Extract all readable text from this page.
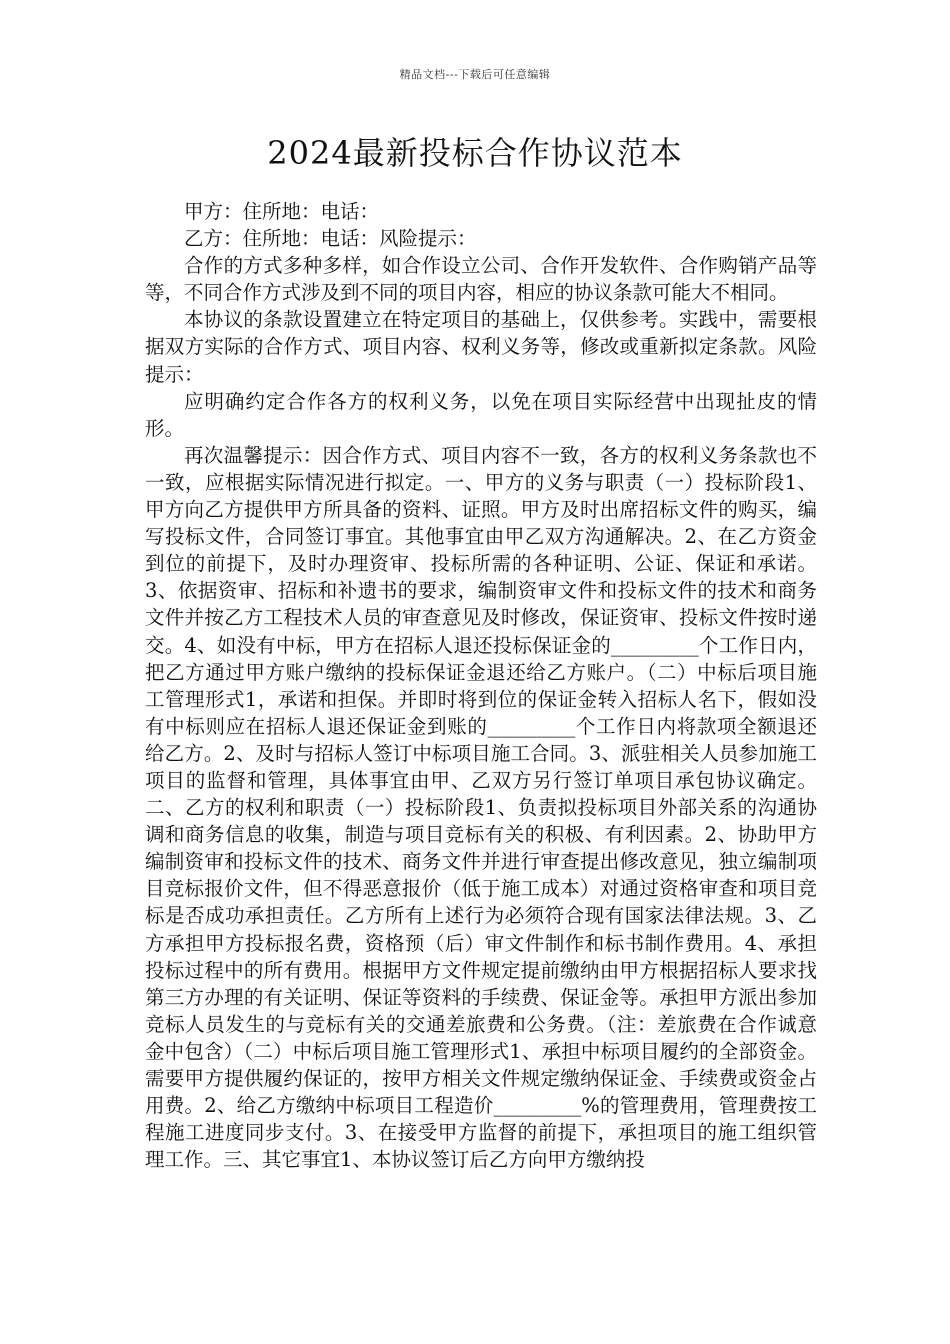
精品文档---下载后可任意编辑
2024最新投标合作协议范本

甲方：住所地：电话：

乙方：住所地：电话：风险提示：

合作的方式多种多样，如合作设立公司、合作开发软件、合作购销产品等等，不同合作方式涉及到不同的项目内容，相应的协议条款可能大不相同。

本协议的条款设置建立在特定项目的基础上，仅供参考。实践中，需要根据双方实际的合作方式、项目内容、权利义务等，修改或重新拟定条款。风险提示：

应明确约定合作各方的权利义务，以免在项目实际经营中出现扯皮的情形。

再次温馨提示：因合作方式、项目内容不一致，各方的权利义务条款也不一致，应根据实际情况进行拟定。一、甲方的义务与职责（一）投标阶段1、甲方向乙方提供甲方所具备的资料、证照。甲方及时出席招标文件的购买，编写投标文件，合同签订事宜。其他事宜由甲乙双方沟通解决。2、在乙方资金到位的前提下，及时办理资审、投标所需的各种证明、公证、保证和承诺。3、依据资审、招标和补遗书的要求，编制资审文件和投标文件的技术和商务文件并按乙方工程技术人员的审查意见及时修改，保证资审、投标文件按时递交。4、如没有中标，甲方在招标人退还投标保证金的_________个工作日内，把乙方通过甲方账户缴纳的投标保证金退还给乙方账户。（二）中标后项目施工管理形式1，承诺和担保。并即时将到位的保证金转入招标人名下，假如没有中标则应在招标人退还保证金到账的_________个工作日内将款项全额退还给乙方。2、及时与招标人签订中标项目施工合同。3、派驻相关人员参加施工项目的监督和管理，具体事宜由甲、乙双方另行签订单项目承包协议确定。二、乙方的权利和职责（一）投标阶段1、负责拟投标项目外部关系的沟通协调和商务信息的收集，制造与项目竞标有关的积极、有利因素。2、协助甲方编制资审和投标文件的技术、商务文件并进行审查提出修改意见，独立编制项目竞标报价文件，但不得恶意报价（低于施工成本）对通过资格审查和项目竞标是否成功承担责任。乙方所有上述行为必须符合现有国家法律法规。3、乙方承担甲方投标报名费，资格预（后）审文件制作和标书制作费用。4、承担投标过程中的所有费用。根据甲方文件规定提前缴纳由甲方根据招标人要求找第三方办理的有关证明、保证等资料的手续费、保证金等。承担甲方派出参加竞标人员发生的与竞标有关的交通差旅费和公务费。（注：差旅费在合作诚意金中包含）（二）中标后项目施工管理形式1、承担中标项目履约的全部资金。需要甲方提供履约保证的，按甲方相关文件规定缴纳保证金、手续费或资金占用费。2、给乙方缴纳中标项目工程造价_________%的管理费用，管理费按工程施工进度同步支付。3、在接受甲方监督的前提下，承担项目的施工组织管理工作。三、其它事宜1、本协议签订后乙方向甲方缴纳投
